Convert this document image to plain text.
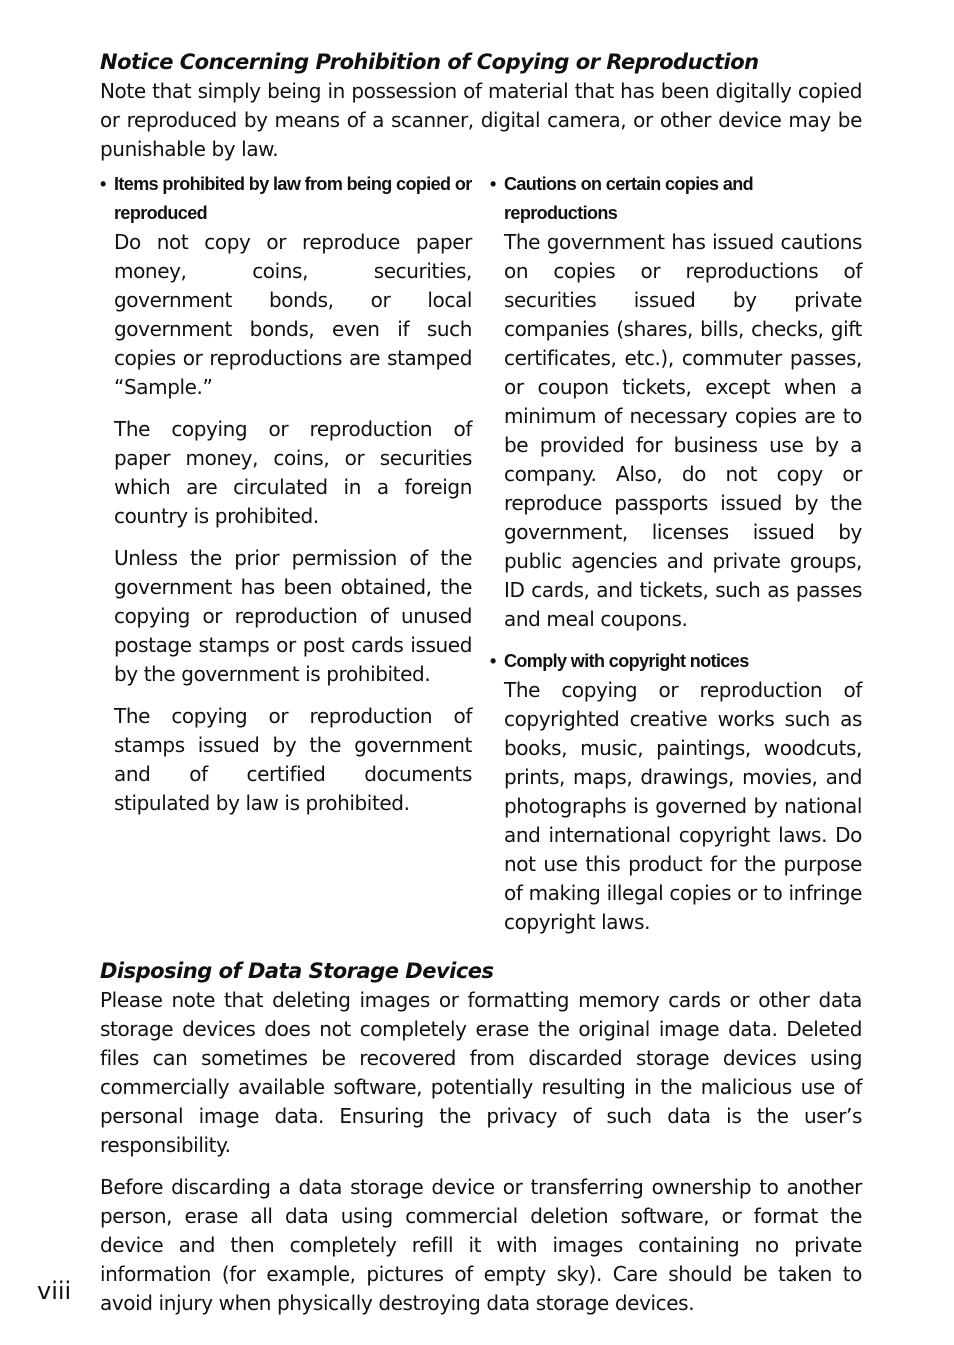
Notice Concerning Prohibition of Copying or Reproduction

Note that simply being in possession of material that has been digitally copied or reproduced by means of a scanner, digital camera, or other device may be punishable by law.

• Items prohibited by law from being copied or reproduced

Do not copy or reproduce paper money, coins, securities, government bonds, or local government bonds, even if such copies or reproductions are stamped “Sample.”

The copying or reproduction of paper money, coins, or securities which are circulated in a foreign country is prohibited.

Unless the prior permission of the government has been obtained, the copying or reproduction of unused postage stamps or post cards issued by the government is prohibited.

The copying or reproduction of stamps issued by the government and of certified documents stipulated by law is prohibited.

• Cautions on certain copies and reproductions

The government has issued cautions on copies or reproductions of securities issued by private companies (shares, bills, checks, gift certificates, etc.), commuter passes, or coupon tickets, except when a minimum of necessary copies are to be provided for business use by a company. Also, do not copy or reproduce passports issued by the government, licenses issued by public agencies and private groups, ID cards, and tickets, such as passes and meal coupons.

• Comply with copyright notices

The copying or reproduction of copyrighted creative works such as books, music, paintings, woodcuts, prints, maps, drawings, movies, and photographs is governed by national and international copyright laws. Do not use this product for the purpose of making illegal copies or to infringe copyright laws.

Disposing of Data Storage Devices

Please note that deleting images or formatting memory cards or other data storage devices does not completely erase the original image data. Deleted files can sometimes be recovered from discarded storage devices using commercially available software, potentially resulting in the malicious use of personal image data. Ensuring the privacy of such data is the user’s responsibility.

Before discarding a data storage device or transferring ownership to another person, erase all data using commercial deletion software, or format the device and then completely refill it with images containing no private information (for example, pictures of empty sky). Care should be taken to avoid injury when physically destroying data storage devices.

viii
